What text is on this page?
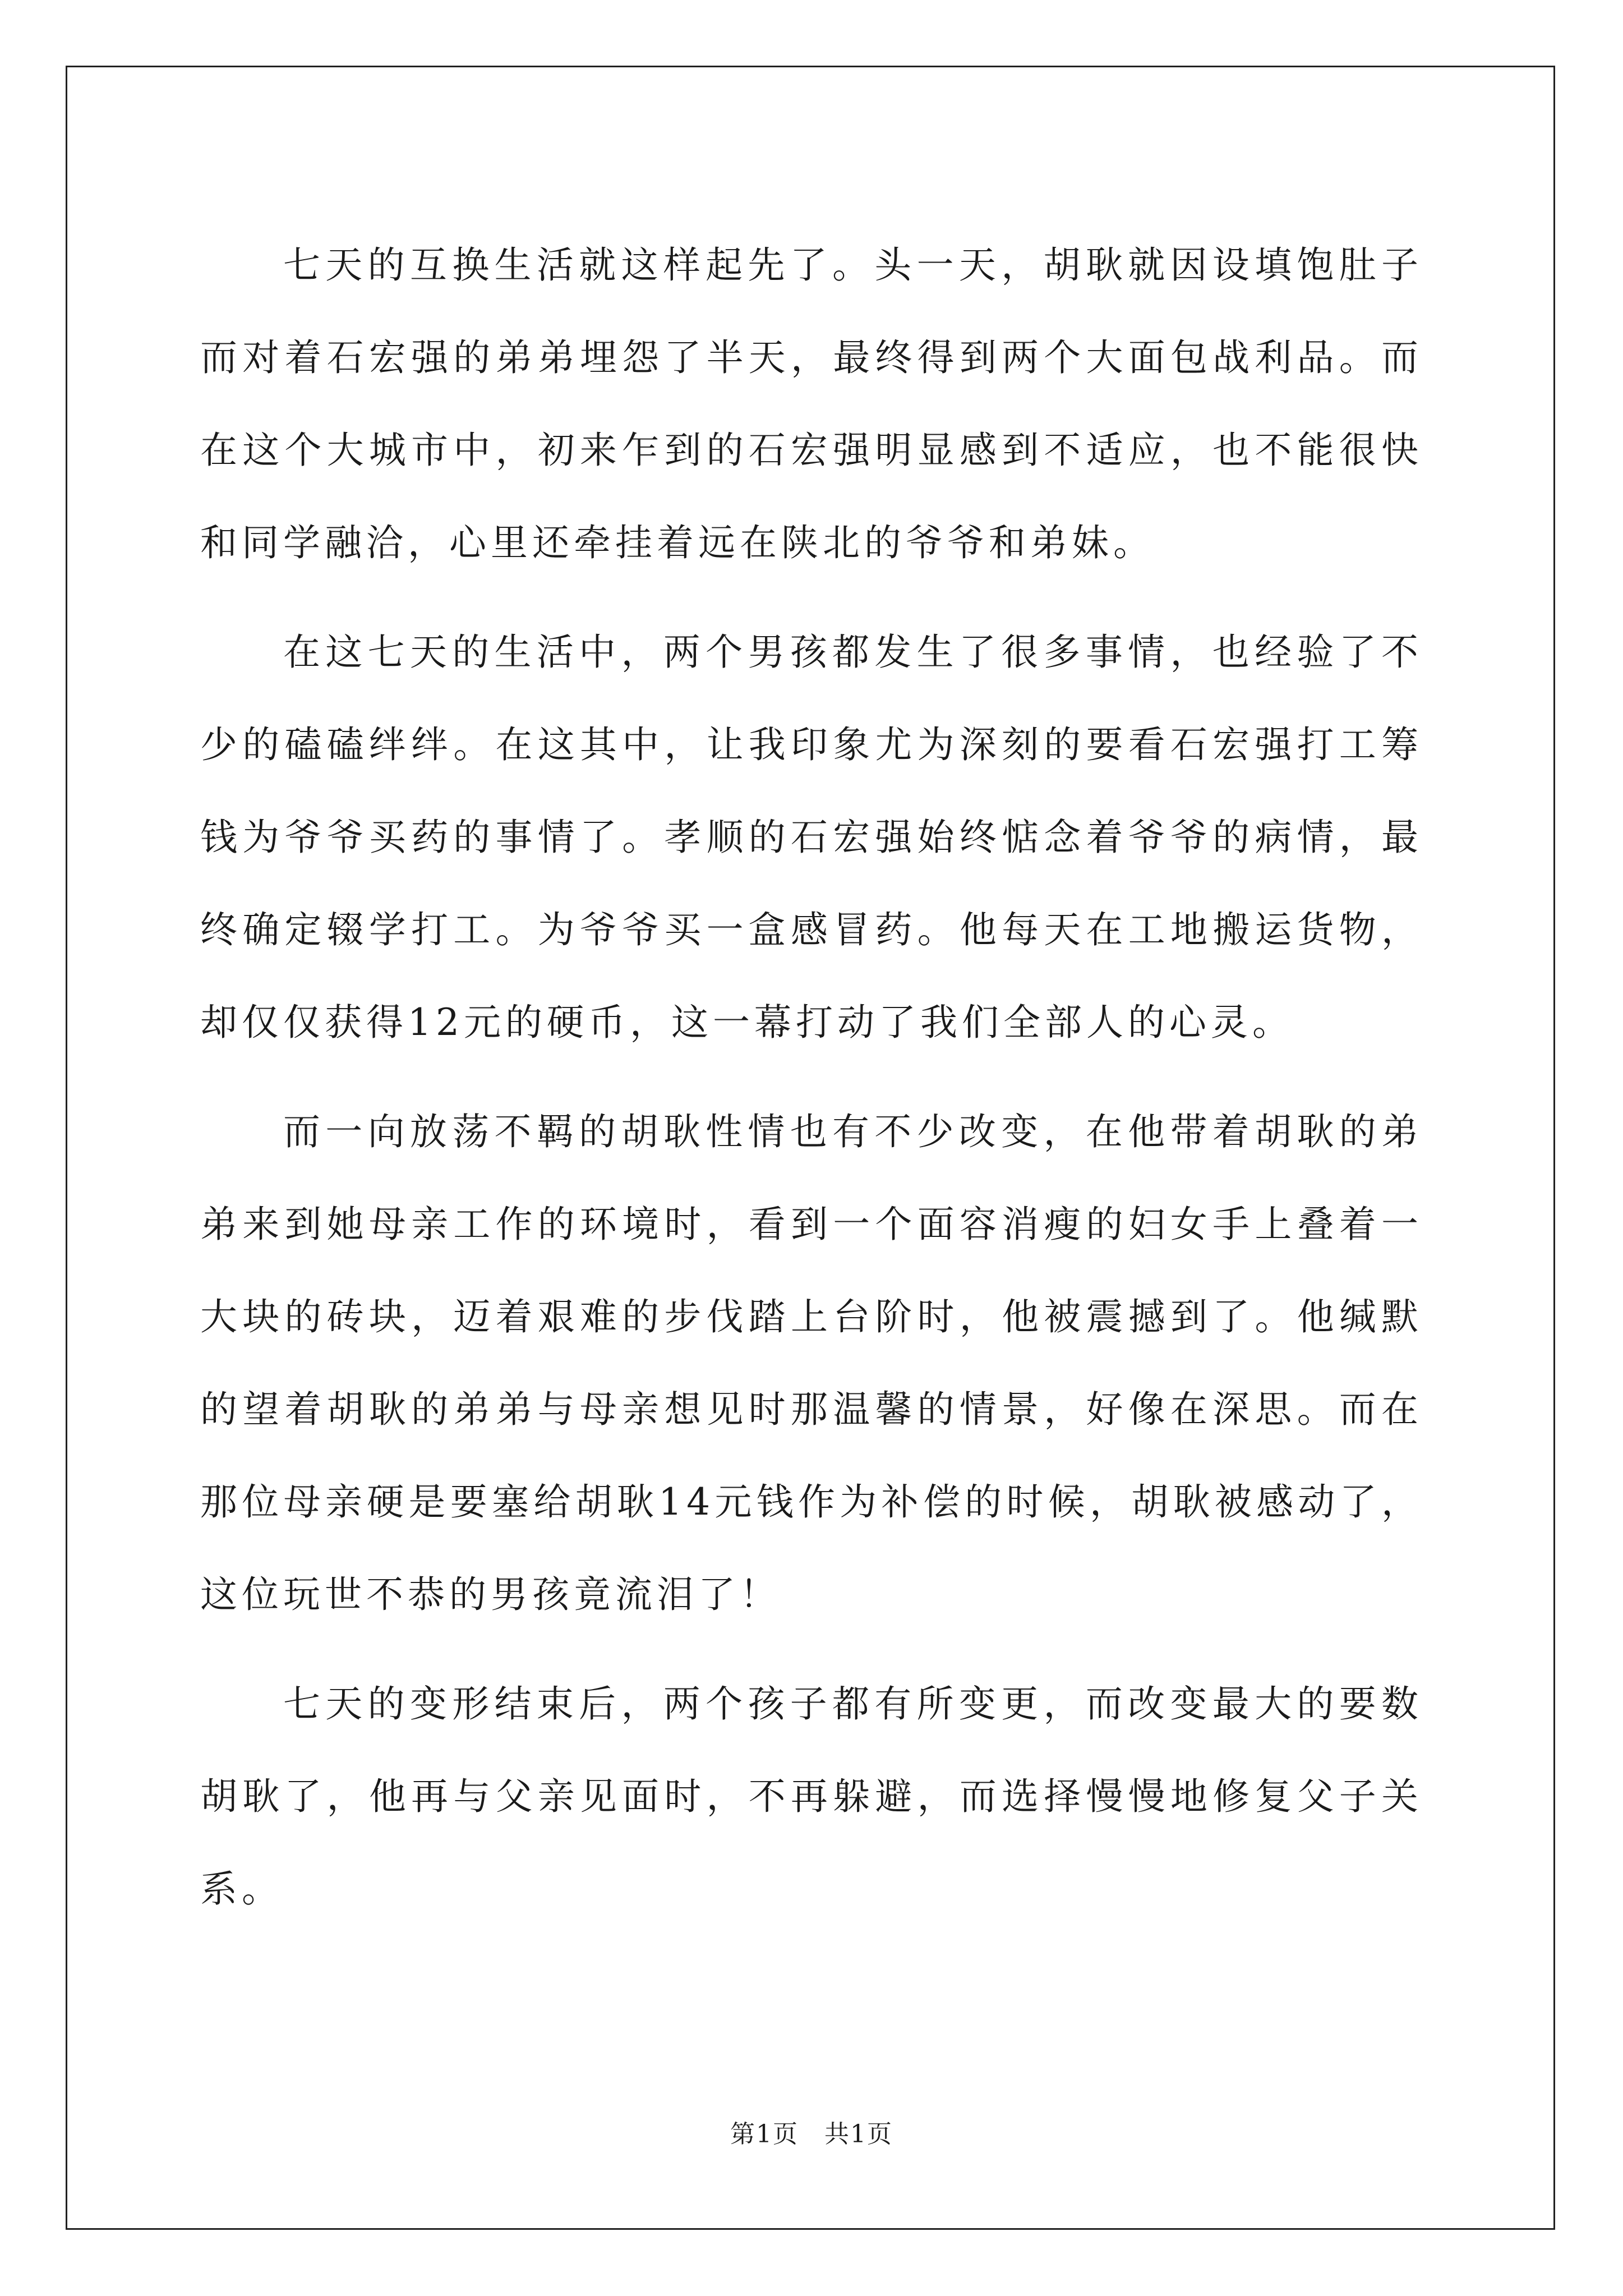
七天的互换生活就这样起先了。头一天，胡耿就因设填饱肚子而对着石宏强的弟弟埋怨了半天，最终得到两个大面包战利品。而在这个大城市中，初来乍到的石宏强明显感到不适应，也不能很快和同学融洽，心里还牵挂着远在陕北的爷爷和弟妹。

在这七天的生活中，两个男孩都发生了很多事情，也经验了不少的磕磕绊绊。在这其中，让我印象尤为深刻的要看石宏强打工筹钱为爷爷买药的事情了。孝顺的石宏强始终惦念着爷爷的病情，最终确定辍学打工。为爷爷买一盒感冒药。他每天在工地搬运货物，却仅仅获得12元的硬币，这一幕打动了我们全部人的心灵。

而一向放荡不羁的胡耿性情也有不少改变，在他带着胡耿的弟弟来到她母亲工作的环境时，看到一个面容消瘦的妇女手上叠着一大块的砖块，迈着艰难的步伐踏上台阶时，他被震撼到了。他缄默的望着胡耿的弟弟与母亲想见时那温馨的情景，好像在深思。而在那位母亲硬是要塞给胡耿14元钱作为补偿的时候，胡耿被感动了，这位玩世不恭的男孩竟流泪了！

七天的变形结束后，两个孩子都有所变更，而改变最大的要数胡耿了，他再与父亲见面时，不再躲避，而选择慢慢地修复父子关系。

第1页 共1页
